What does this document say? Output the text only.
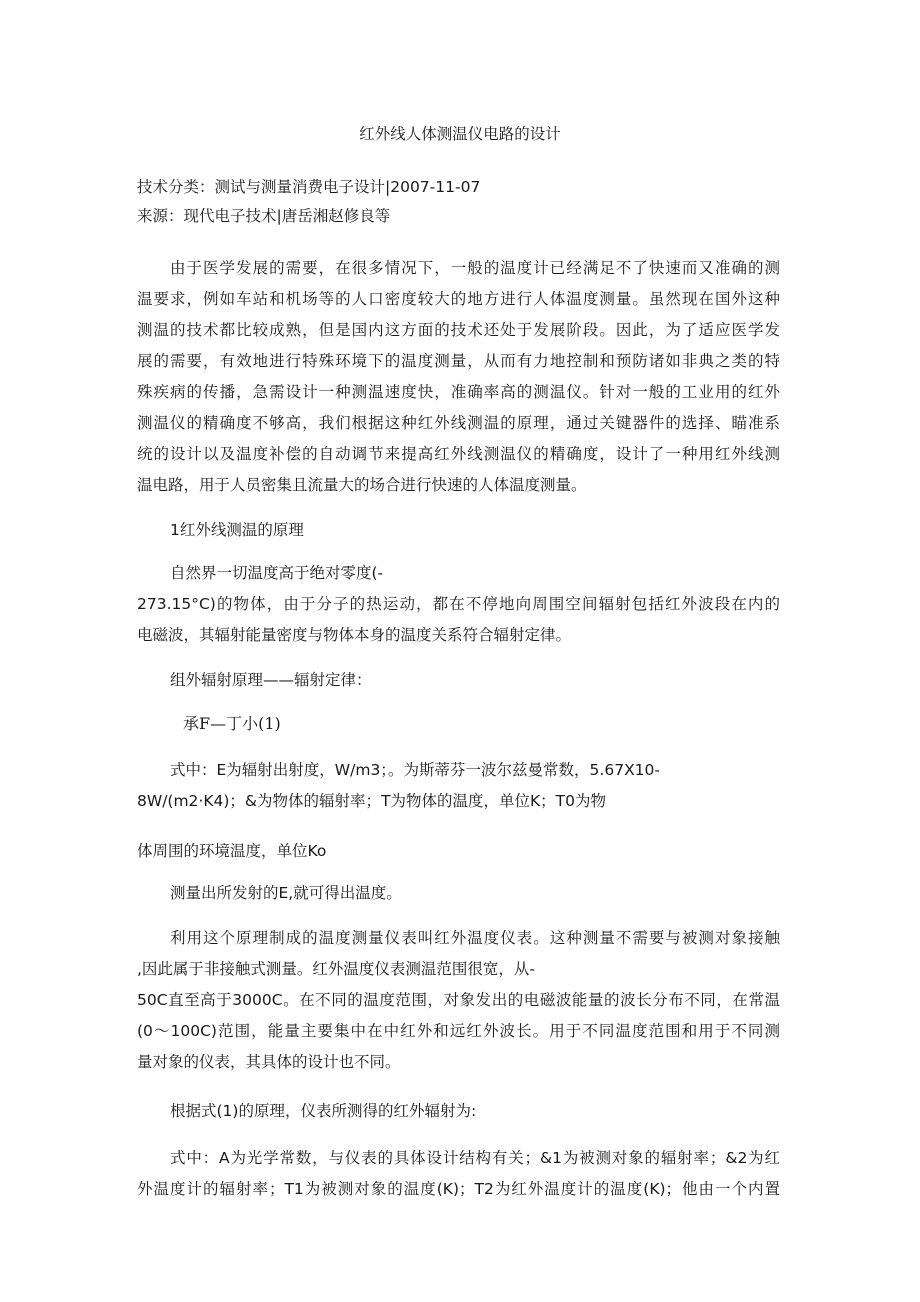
红外线人体测温仪电路的设计
技术分类：测试与测量消费电子设计|2007-11-07
来源：现代电子技术|唐岳湘赵修良等
由于医学发展的需要，在很多情况下，一般的温度计已经满足不了快速而又准确的测
温要求，例如车站和机场等的人口密度较大的地方进行人体温度测量。虽然现在国外这种
测温的技术都比较成熟，但是国内这方面的技术还处于发展阶段。因此，为了适应医学发
展的需要，有效地进行特殊环境下的温度测量，从而有力地控制和预防诸如非典之类的特
殊疾病的传播，急需设计一种测温速度快，准确率高的测温仪。针对一般的工业用的红外
测温仪的精确度不够高，我们根据这种红外线测温的原理，通过关键器件的选择、瞄准系
统的设计以及温度补偿的自动调节来提高红外线测温仪的精确度，设计了一种用红外线测
温电路，用于人员密集且流量大的场合进行快速的人体温度测量。
1红外线测温的原理
自然界一切温度高于绝对零度(-
273.15°C)的物体，由于分子的热运动，都在不停地向周围空间辐射包括红外波段在内的
电磁波，其辐射能量密度与物体本身的温度关系符合辐射定律。
组外辐射原理——辐射定律：
承F—丁小(1)
式中：E为辐射出射度，W/m3；。为斯蒂芬一波尔兹曼常数，5.67X10-
8W/(m2·K4)；&为物体的辐射率；T为物体的温度，单位K；T0为物
体周围的环境温度，单位Ko
测量出所发射的E,就可得出温度。
利用这个原理制成的温度测量仪表叫红外温度仪表。这种测量不需要与被测对象接触
,因此属于非接触式测量。红外温度仪表测温范围很宽，从-
50C直至高于3000C。在不同的温度范围，对象发出的电磁波能量的波长分布不同，在常温
(0～100C)范围，能量主要集中在中红外和远红外波长。用于不同温度范围和用于不同测
量对象的仪表，其具体的设计也不同。
根据式(1)的原理，仪表所测得的红外辐射为:
式中：A为光学常数，与仪表的具体设计结构有关；&1为被测对象的辐射率；&2为红
外温度计的辐射率；T1为被测对象的温度(K)；T2为红外温度计的温度(K)；他由一个内置
